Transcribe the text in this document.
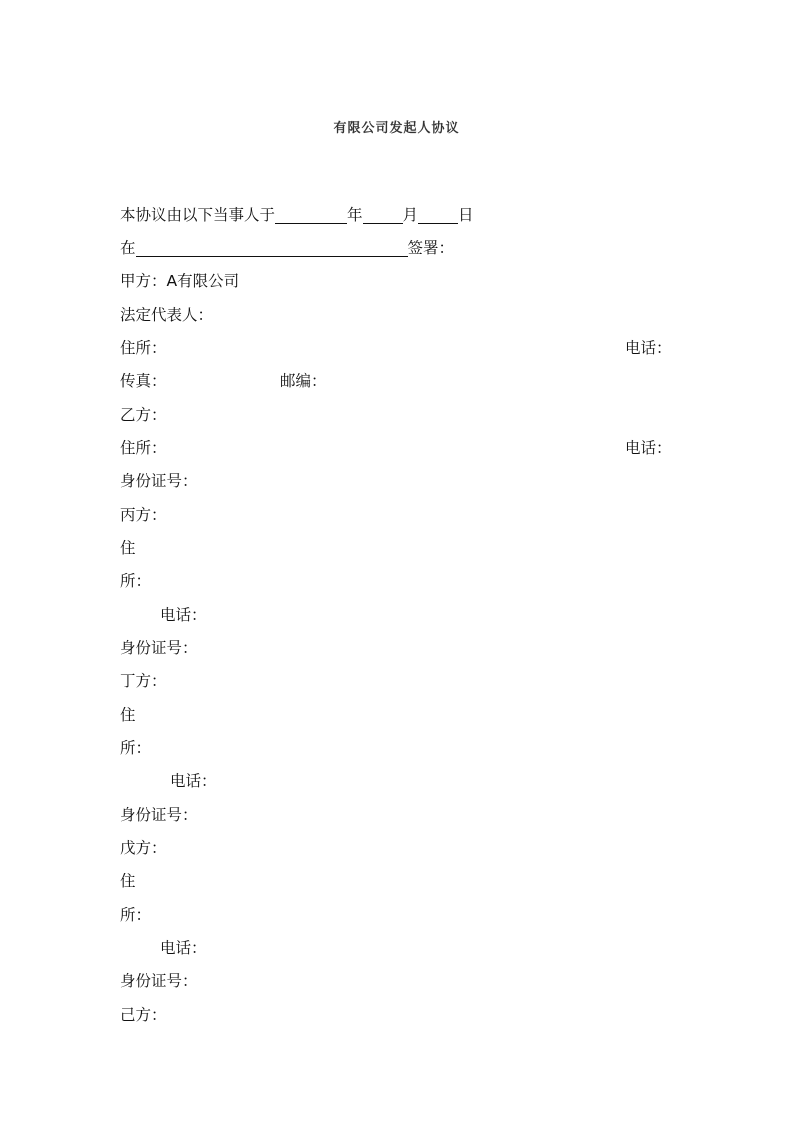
有限公司发起人协议
本协议由以下当事人于	年	月	日
在	签署：
甲方：A有限公司
法定代表人：
住所：	电话：
传真：	邮编：
乙方：
住所：	电话：
身份证号：
丙方：
住
所：
电话：
身份证号：
丁方：
住
所：
电话：
身份证号：
戊方：
住
所：
电话：
身份证号：
己方：
